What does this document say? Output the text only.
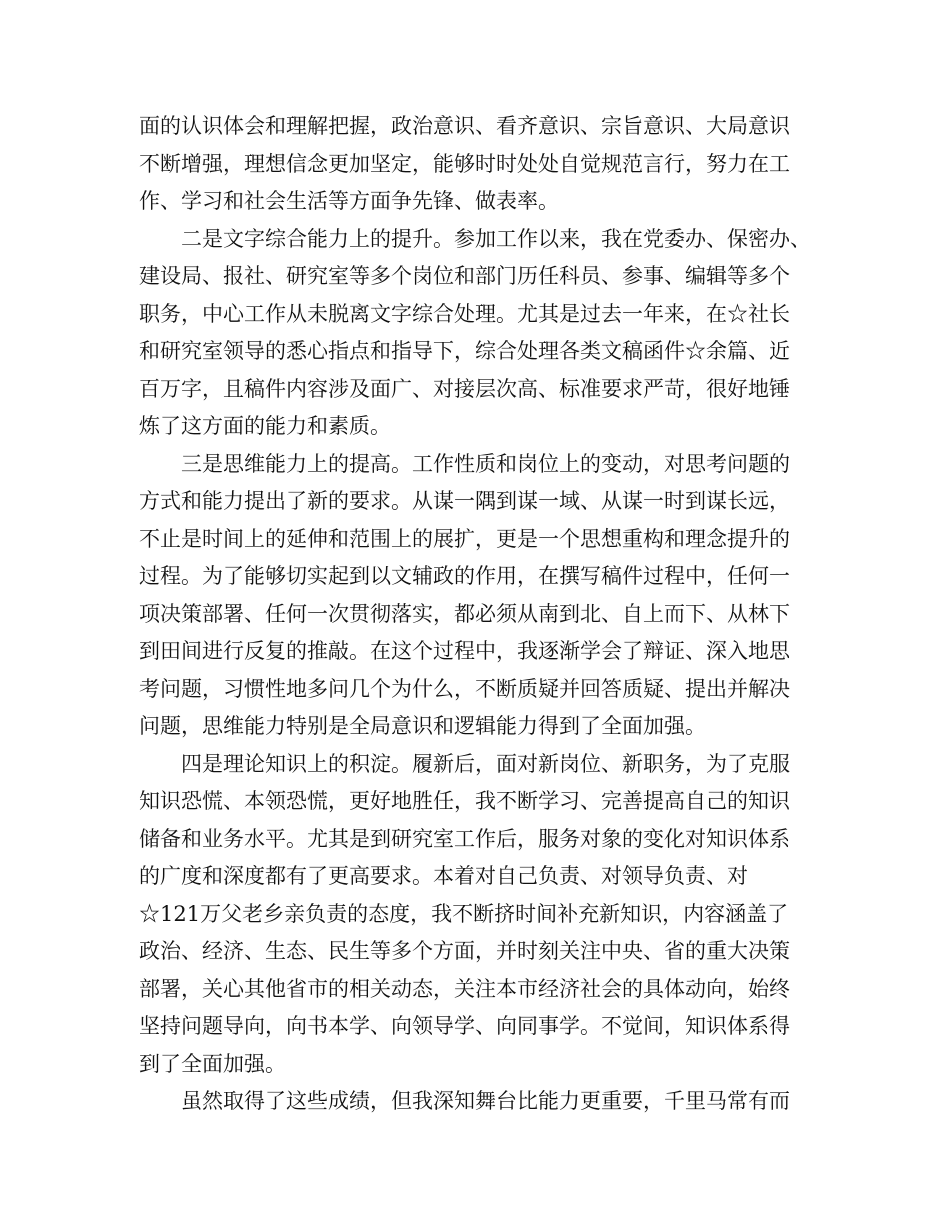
面的认识体会和理解把握，政治意识、看齐意识、宗旨意识、大局意识
不断增强，理想信念更加坚定，能够时时处处自觉规范言行，努力在工
作、学习和社会生活等方面争先锋、做表率。
二是文字综合能力上的提升。参加工作以来，我在党委办、保密办、
建设局、报社、研究室等多个岗位和部门历任科员、参事、编辑等多个
职务，中心工作从未脱离文字综合处理。尤其是过去一年来，在☆社长
和研究室领导的悉心指点和指导下，综合处理各类文稿函件☆余篇、近
百万字，且稿件内容涉及面广、对接层次高、标准要求严苛，很好地锤
炼了这方面的能力和素质。
三是思维能力上的提高。工作性质和岗位上的变动，对思考问题的
方式和能力提出了新的要求。从谋一隅到谋一域、从谋一时到谋长远，
不止是时间上的延伸和范围上的展扩，更是一个思想重构和理念提升的
过程。为了能够切实起到以文辅政的作用，在撰写稿件过程中，任何一
项决策部署、任何一次贯彻落实，都必须从南到北、自上而下、从林下
到田间进行反复的推敲。在这个过程中，我逐渐学会了辩证、深入地思
考问题，习惯性地多问几个为什么，不断质疑并回答质疑、提出并解决
问题，思维能力特别是全局意识和逻辑能力得到了全面加强。
四是理论知识上的积淀。履新后，面对新岗位、新职务，为了克服
知识恐慌、本领恐慌，更好地胜任，我不断学习、完善提高自己的知识
储备和业务水平。尤其是到研究室工作后，服务对象的变化对知识体系
的广度和深度都有了更高要求。本着对自己负责、对领导负责、对
☆121万父老乡亲负责的态度，我不断挤时间补充新知识，内容涵盖了
政治、经济、生态、民生等多个方面，并时刻关注中央、省的重大决策
部署，关心其他省市的相关动态，关注本市经济社会的具体动向，始终
坚持问题导向，向书本学、向领导学、向同事学。不觉间，知识体系得
到了全面加强。
虽然取得了这些成绩，但我深知舞台比能力更重要，千里马常有而
